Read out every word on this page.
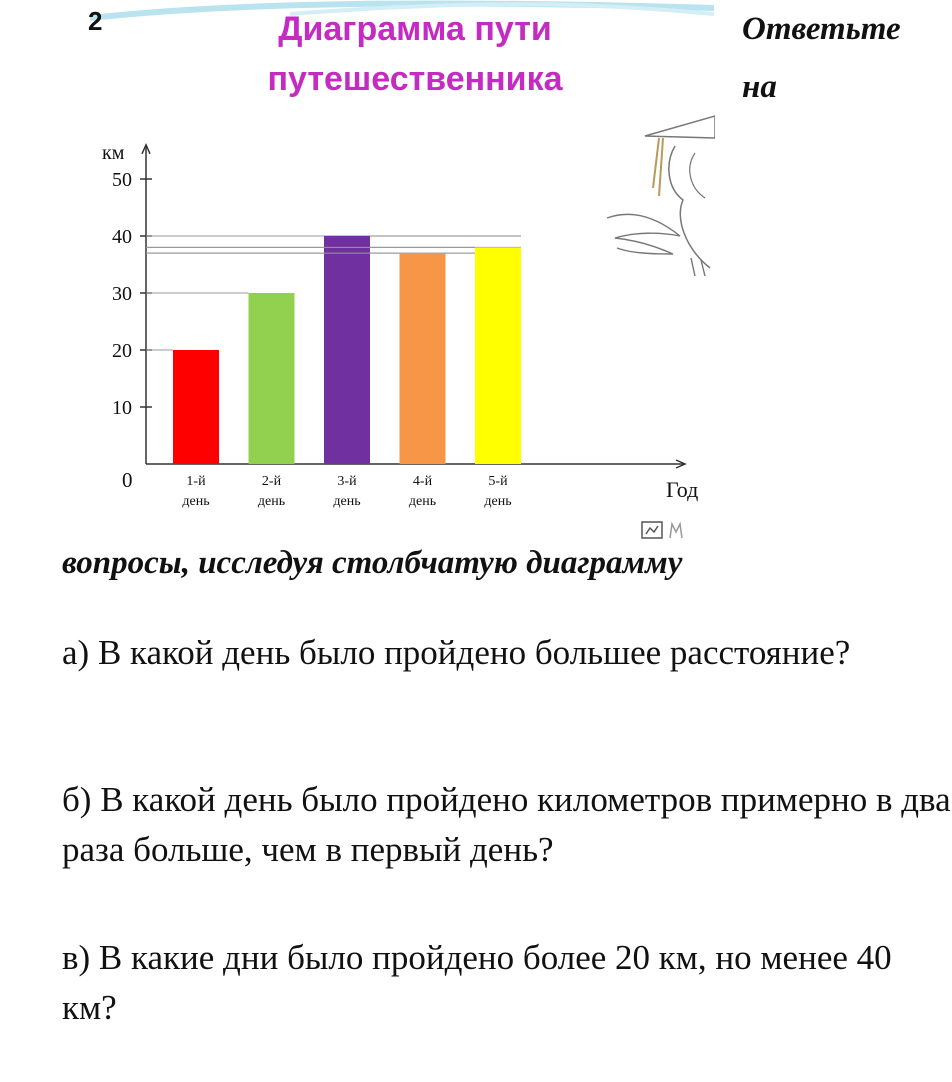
2	Диаграмма пути
путешественника
Ответьте
на
км
Год
0
10
20
30
40
50
1-й
день
2-й
день
3-й
день
4-й
день
5-й
день
вопросы, исследуя столбчатую диаграмму
а) В какой день было пройдено большее расстояние?
б) В какой день было пройдено километров примерно в два раза больше, чем в первый день?
в) В какие дни было пройдено более 20 км, но менее 40 км?
